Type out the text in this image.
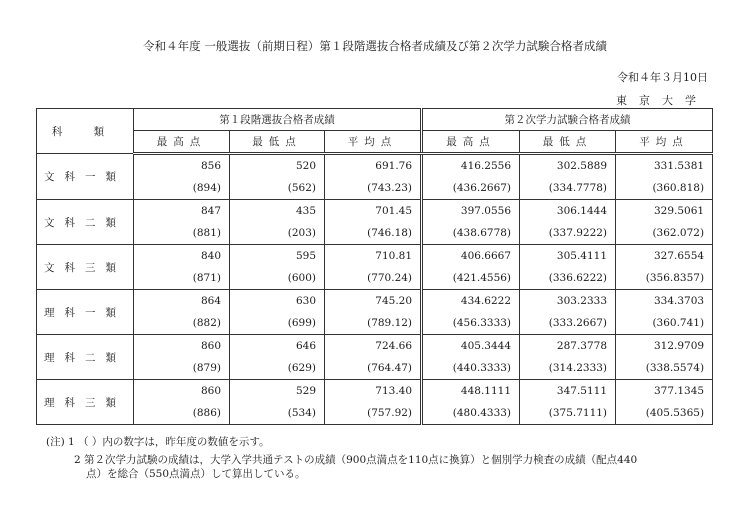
令和４年度 一般選抜（前期日程）第１段階選抜合格者成績及び第２次学力試験合格者成績
令和４年３月10日
東京大学
科 類	第１段階選抜合格者成績			第２次学力試験合格者成績		
	最高点	最低点	平均点	最高点	最低点	平均点
文科一類	856	520	691.76	416.2556	302.5889	331.5381
	(894)	(562)	(743.23)	(436.2667)	(334.7778)	(360.818)
文科二類	847	435	701.45	397.0556	306.1444	329.5061
	(881)	(203)	(746.18)	(438.6778)	(337.9222)	(362.072)
文科三類	840	595	710.81	406.6667	305.4111	327.6554
	(871)	(600)	(770.24)	(421.4556)	(336.6222)	(356.8357)
理科一類	864	630	745.20	434.6222	303.2333	334.3703
	(882)	(699)	(789.12)	(456.3333)	(333.2667)	(360.741)
理科二類	860	646	724.66	405.3444	287.3778	312.9709
	(879)	(629)	(764.47)	(440.3333)	(314.2333)	(338.5574)
理科三類	860	529	713.40	448.1111	347.5111	377.1345
	(886)	(534)	(757.92)	(480.4333)	(375.7111)	(405.5365)
(注) 1 （ ）内の数字は，昨年度の数値を示す。
2 第２次学力試験の成績は，大学入学共通テストの成績（900点満点を110点に換算）と個別学力検査の成績（配点440
点）を総合（550点満点）して算出している。
